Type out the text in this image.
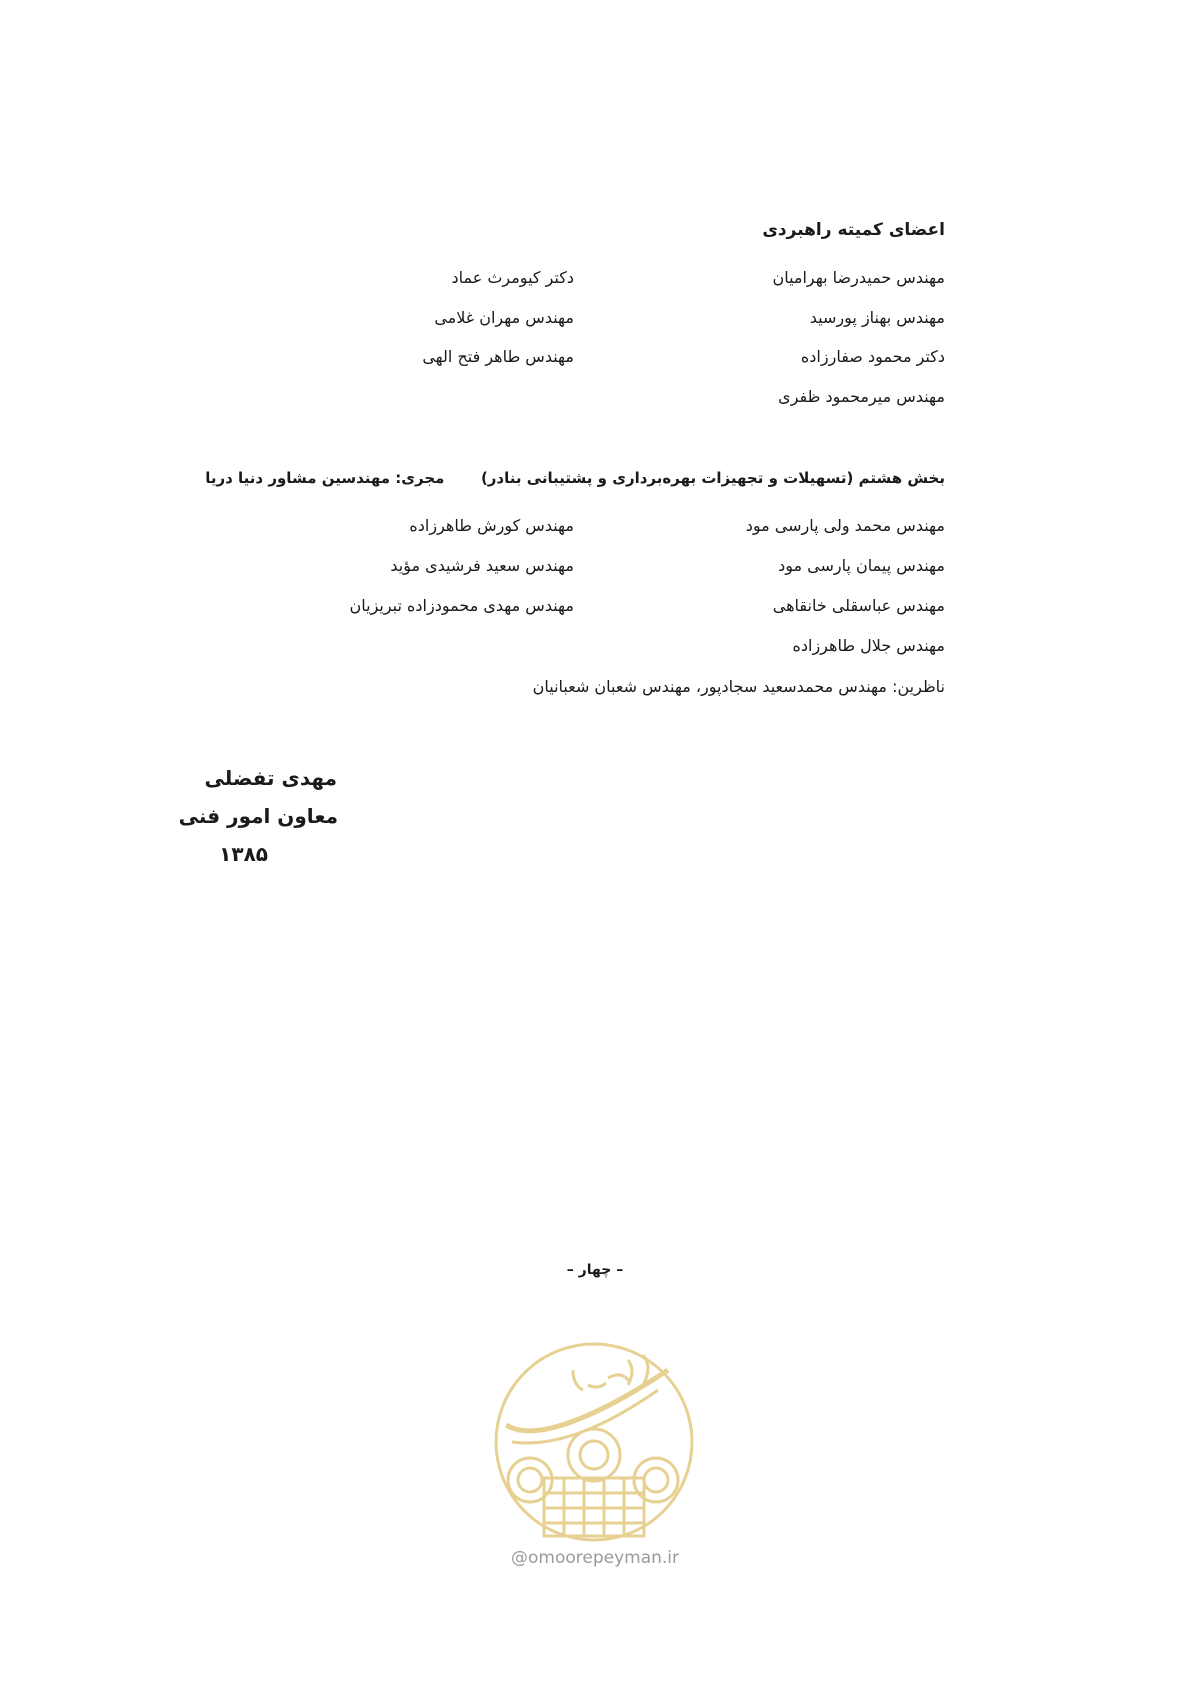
اعضای کمیته راهبردی
مهندس حمیدرضا بهرامیان
مهندس بهناز پورسید
دکتر محمود صفارزاده
مهندس میرمحمود ظفری
دکتر کیومرث عماد
مهندس مهران غلامی
مهندس طاهر فتح الهی
بخش هشتم (تسهیلات و تجهیزات بهره‌برداری و پشتیبانی بنادر)  مجری: مهندسین مشاور دنیا دریا
مهندس محمد ولی پارسی مود
مهندس پیمان پارسی مود
مهندس عباسقلی خانقاهی
مهندس جلال طاهرزاده
مهندس کورش طاهرزاده
مهندس سعید فرشیدی مؤید
مهندس مهدی محمودزاده تبریزیان
ناظرین: مهندس محمدسعید سجادپور، مهندس شعبان شعبانیان
مهدی تفضلی
معاون امور فنی
۱۳۸۵
– چهار –
@omoorepeyman.ir
